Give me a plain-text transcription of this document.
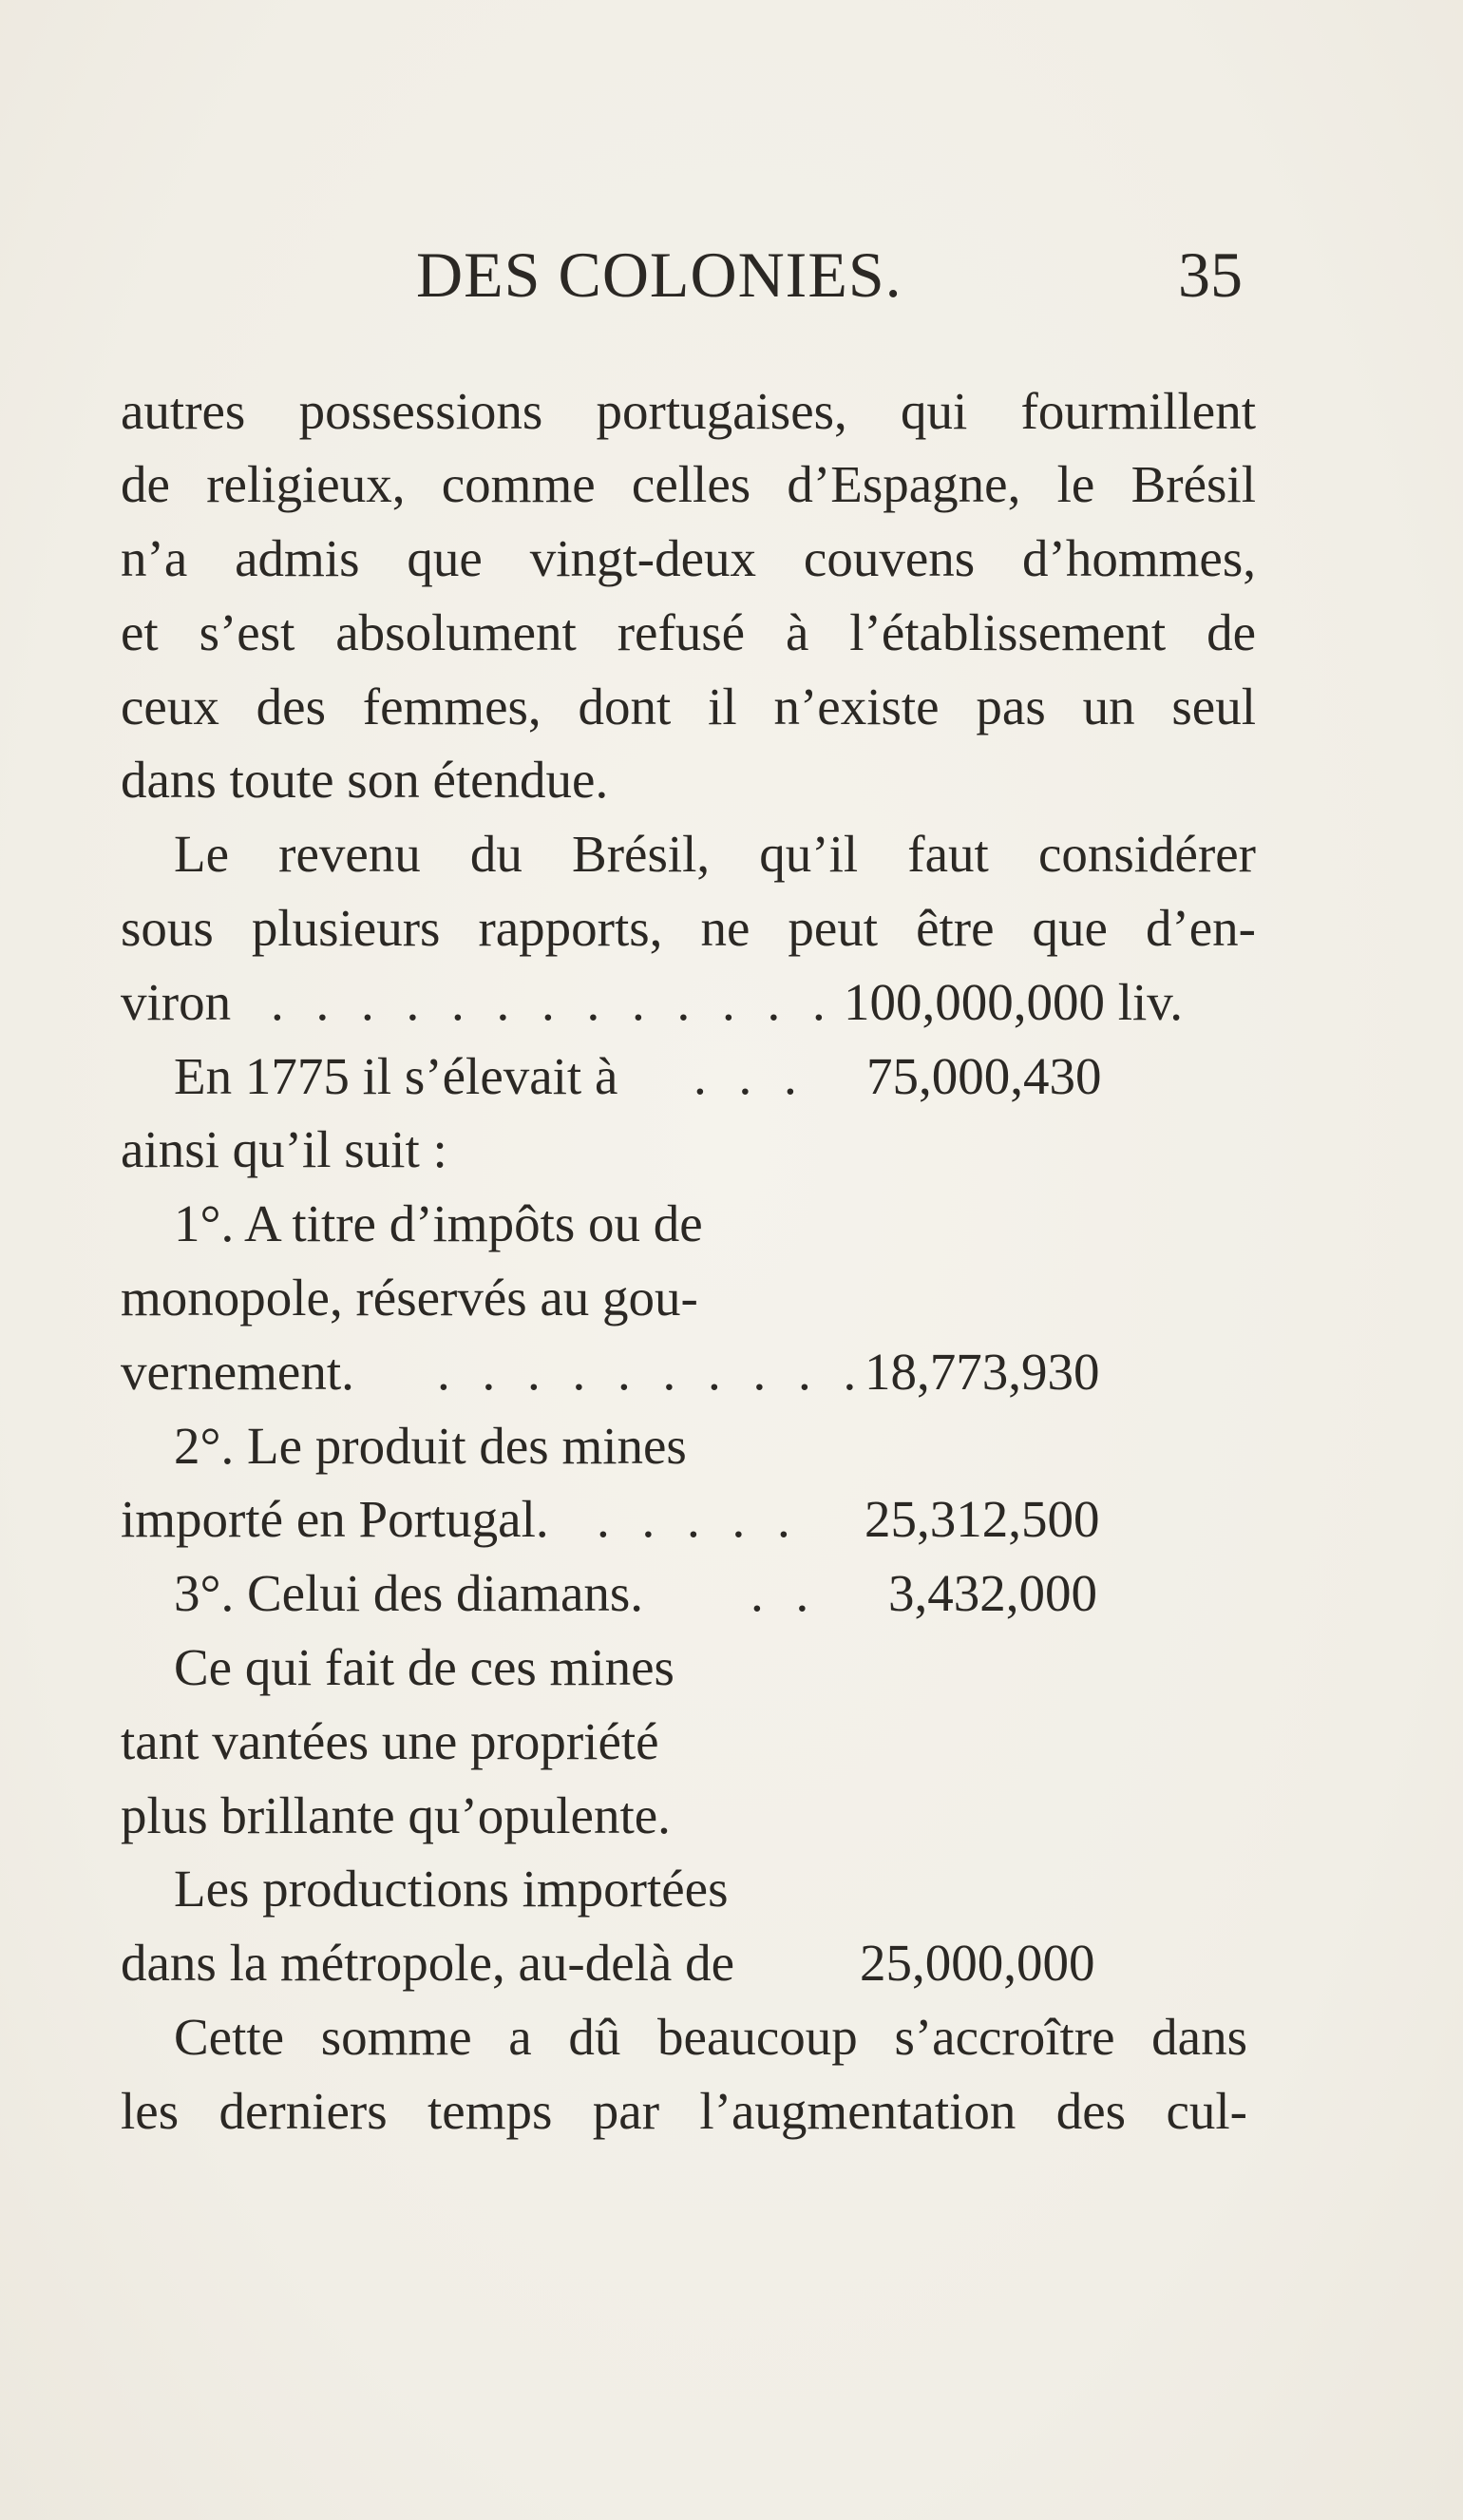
DES COLONIES.	35
autres possessions portugaises, qui fourmillent
de religieux, comme celles d’Espagne, le Brésil
n’a admis que vingt-deux couvens d’hommes,
et s’est absolument refusé à l’établissement de
ceux des femmes, dont il n’existe pas un seul
dans toute son étendue.
Le revenu du Brésil, qu’il faut considérer
sous plusieurs rapports, ne peut être que d’en-
viron . . . . . . . . . . . . . 100,000,000 liv.
En 1775 il s’élevait à . . . 75,000,430
ainsi qu’il suit :
1°. A titre d’impôts ou de
monopole, réservés au gou-
vernement. . . . . . . . . . .
18,773,930
2°. Le produit des mines
importé en Portugal. . . . . . 25,312,500
3°. Celui des diamans. . . 3,432,000
Ce qui fait de ces mines
tant vantées une propriété
plus brillante qu’opulente.
Les productions importées
dans la métropole, au-delà de 25,000,000
Cette somme a dû beaucoup s’accroître dans
les derniers temps par l’augmentation des cul-
